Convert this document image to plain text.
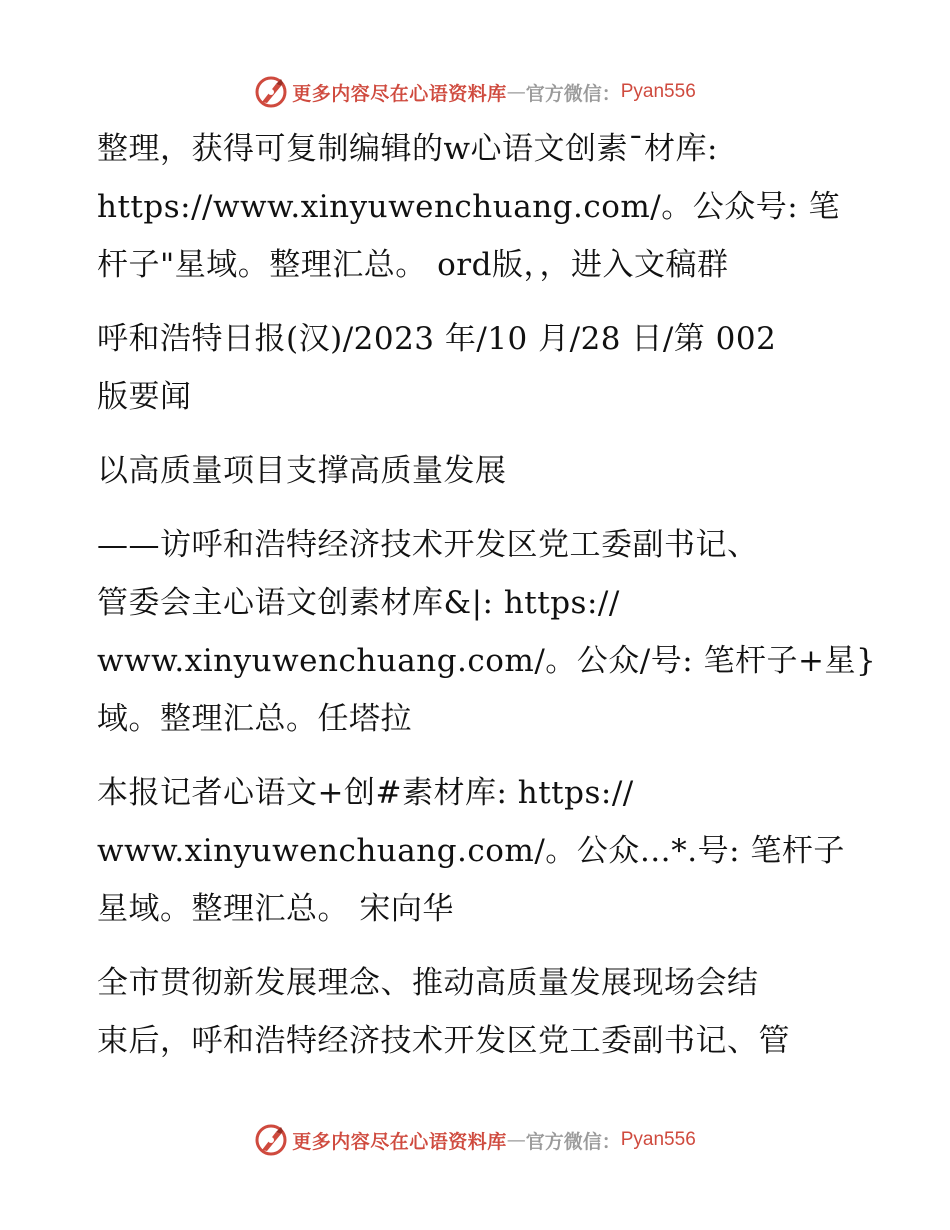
更多内容尽在心语资料库 — 官方微信： Pyan556

整理，获得可复制编辑的w心语文创素¯材库:
https://www.xinyuwenchuang.com/。公众号: 笔
杆子"星域。整理汇总。 ord版，，进入文稿群

呼和浩特日报(汉)/2023 年/10 月/28 日/第 002
版要闻

以高质量项目支撑高质量发展

——访呼和浩特经济技术开发区党工委副书记、
管委会主心语文创素材库&|: https://
www.xinyuwenchuang.com/。公众/号: 笔杆子+星}
域。整理汇总。任塔拉

本报记者心语文+创#素材库: https://
www.xinyuwenchuang.com/。公众…*.号: 笔杆子
星域。整理汇总。 宋向华

全市贯彻新发展理念、推动高质量发展现场会结
束后，呼和浩特经济技术开发区党工委副书记、管

更多内容尽在心语资料库 — 官方微信： Pyan556
